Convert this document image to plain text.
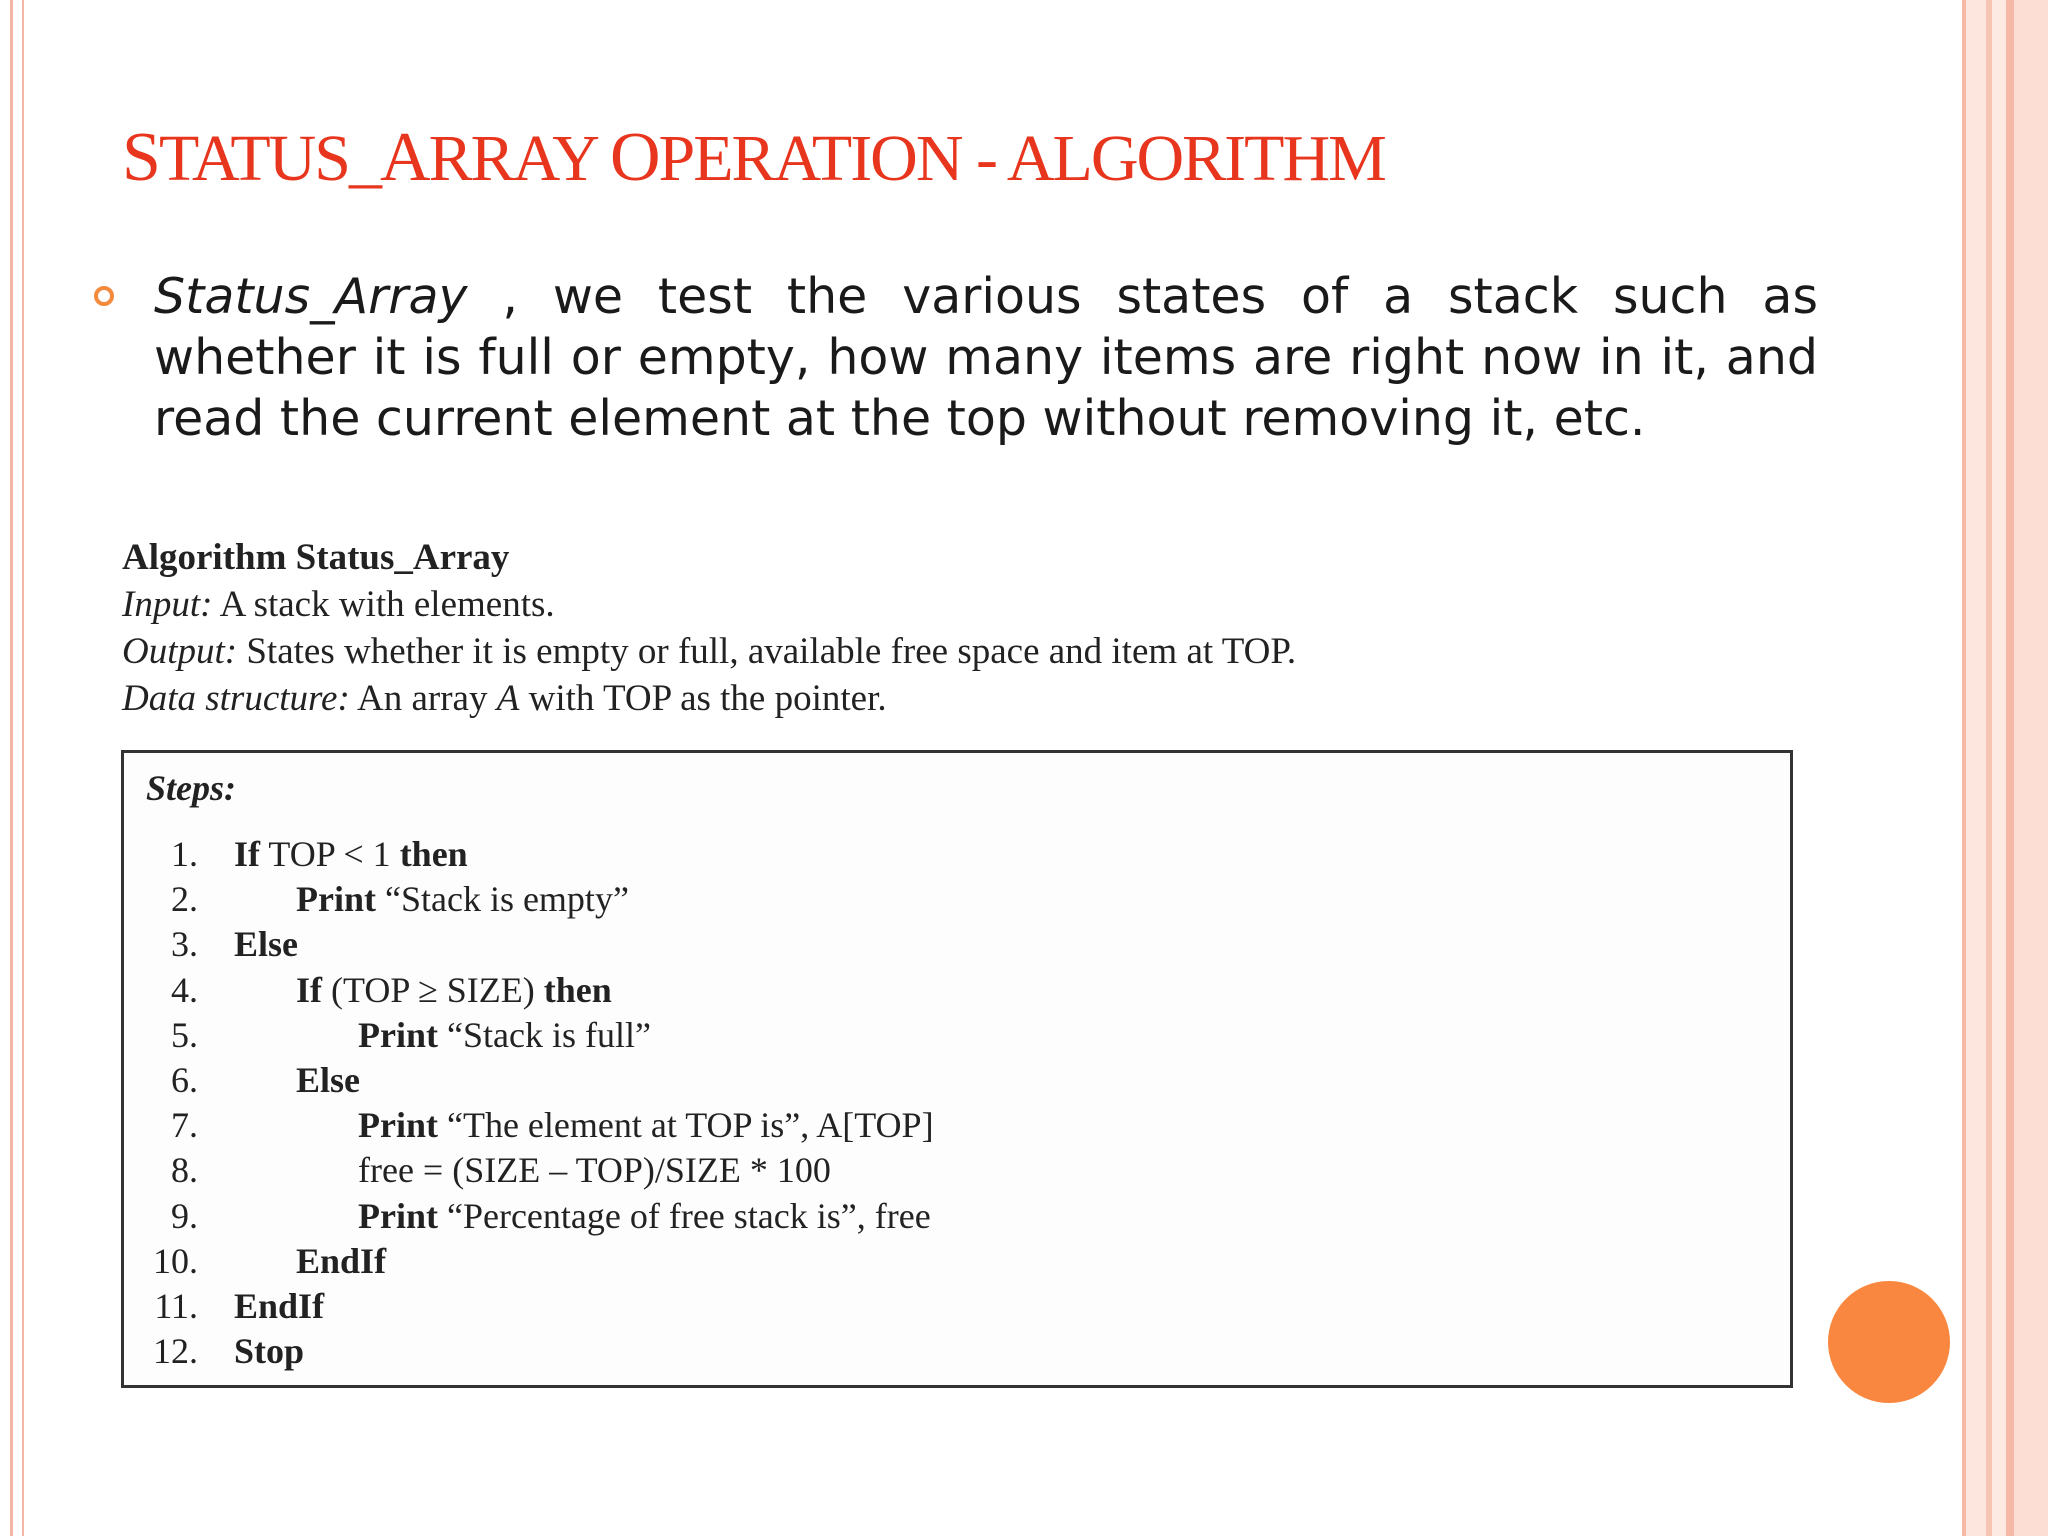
STATUS_ARRAY OPERATION - ALGORITHM
Status_Array , we test the various states of a stack such as whether it is full or empty, how many items are right now in it, and read the current element at the top without removing it, etc.
Algorithm Status_Array
Input: A stack with elements.
Output: States whether it is empty or full, available free space and item at TOP.
Data structure: An array A with TOP as the pointer.
Steps:
1. If TOP < 1 then
2.	Print “Stack is empty”
3. Else
4.	If (TOP ≥ SIZE) then
5.	Print “Stack is full”
6.	Else
7.	Print “The element at TOP is”, A[TOP]
8.	free = (SIZE – TOP)/SIZE * 100
9.	Print “Percentage of free stack is”, free
10.	EndIf
11. EndIf
12. Stop
